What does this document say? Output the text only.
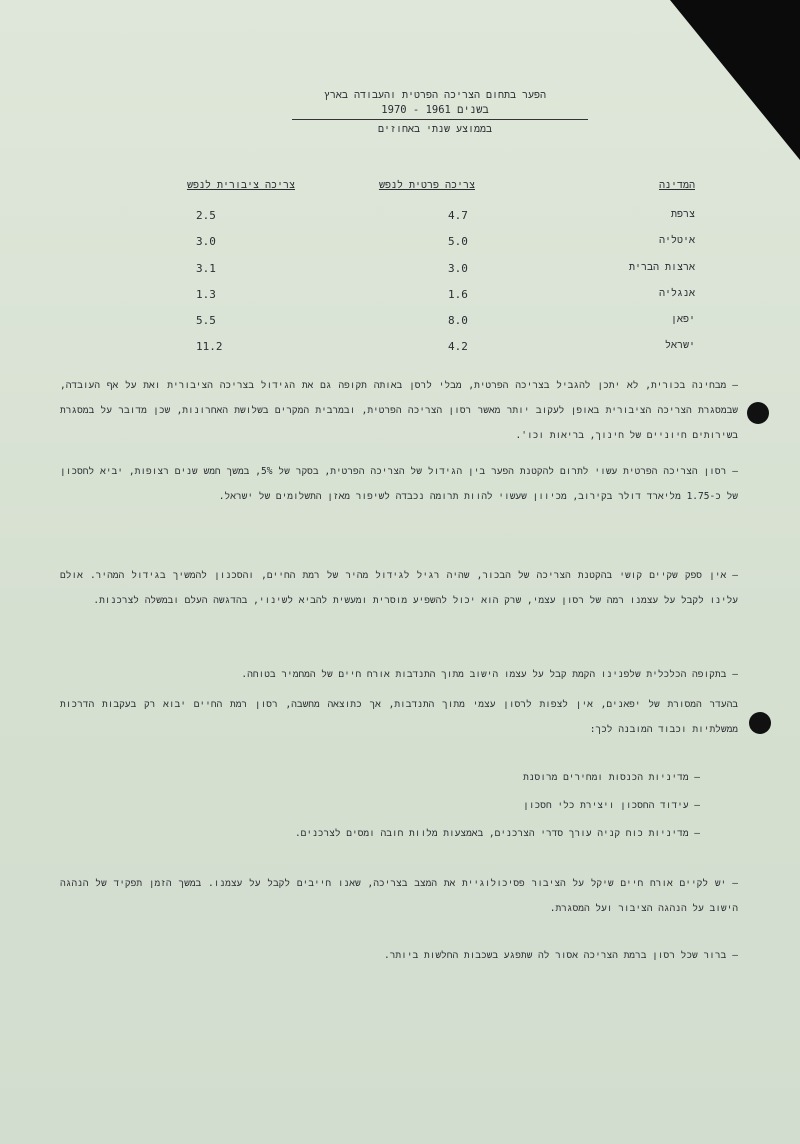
הפער בתחום הצריכה הפרטית והעבודה בארץ
בשנים 1961 - 1970
בממוצע שנתי באחוזים
המדינה
צריכה פרטית לנפש
צריכה ציבורית לנפש
צרפת
4.7
2.5
איטליה
5.0
3.0
ארצות הברית
3.0
3.1
אנגליה
1.6
1.3
יפאן
8.0
5.5
ישראל
4.2
11.2
–מבחינה בכורית, לא יתכן להגביל בצריכה הפרטית, מבלי לרסן באותה תקופה גם את הגידול בצריכה הציבורית ואת על אף העובדה, שבמסגרת הצריכה הציבורית באופן לעקוב יותר מאשר רסון הצריכה הפרטית, ובמרבית המקרים בשלושת האחרונות, שכן מדובר על במסגרת בשירותים חיוניים של חינוך, בריאות וכו'.
–רסון הצריכה הפרטית עשוי לתרום להקטנת הפער בין הגידול של הצריכה הפרטית, בסקר של 5%, במשך חמש שנים רצופות, יביא לחסכון של כ-1.75 מליארד דולר בקירוב, מכיוון שעשוי להוות תרומה נכבדה לשיפור מאזן התשלומים של ישראל.
–אין ספק שקיים קושי בהקטנת הצריכה של הבכור, שהיה רגיל לגידול מהיר של רמת החיים, והסכנון להמשיך בגידול המהיר. אולם עלינו לקבל על עצמנו רמה של רסון עצמי, שרק הוא יכול להשפיע מוסרית ומעשית להביא לשינוי, בהדגשה העלם ובמשלה לצרכנות.
–בתקופה הכלכלית שלפנינו הקמת קבל על עצמו הישוב מתוך התנדבות אורח חיים של המחמיר בטוחה.
בהעדר המסורת של יפאנים, אין לצפות לרסון עצמי מתוך התנדבות, אך כתוצאה מחשבה, רסון רמת החיים יבוא רק בעקבות הדרכות ממשלתיות וכבוד המובנה לכך:
– מדיניות הכנסות ומחירים מרוסנת
– עידוד החסכון ויצירת כלי חסכון
– מדיניות כוח קניה עורך סדרי הצרכנים, באמצעות מלוות חובה ומסים לצרכנים.
–יש לקיים אורח חיים שיקל על הציבור פסיכולוגיית את המצב בצריכה, שאנו חייבים לקבל על עצמנו. במשך הזמן תפקיד של הנהגה הישוב על הנהגה הציבור ועל המסגרת.
–ברור שכל רסון ברמת הצריכה אסור לה שתפגע בשכבות החלשות ביותר.
